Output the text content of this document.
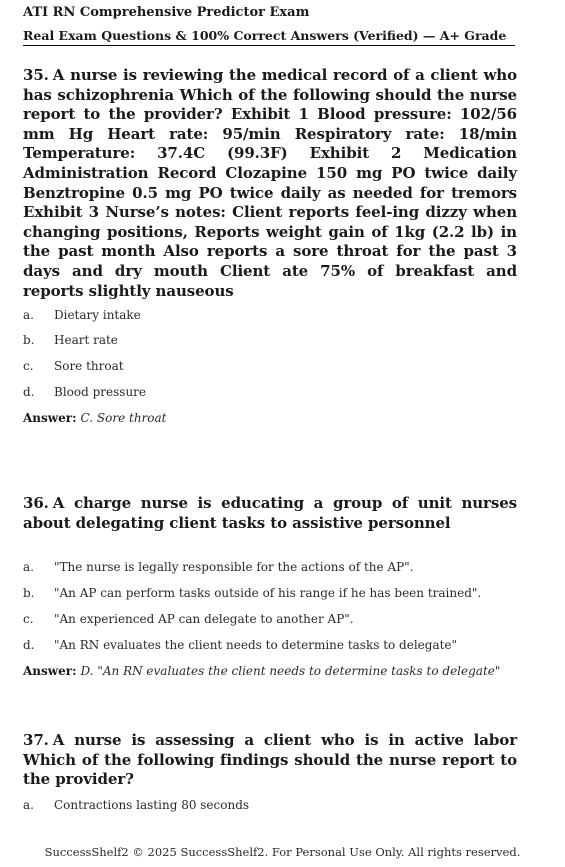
ATI RN Comprehensive Predictor Exam
Real Exam Questions & 100% Correct Answers (Verified) — A+ Grade
35. A nurse is reviewing the medical record of a client who has schizophrenia Which of the following should the nurse report to the provider? Exhibit 1 Blood pressure: 102/56 mm Hg Heart rate: 95/min Respiratory rate: 18/min Temperature: 37.4C (99.3F) Exhibit 2 Medication Administration Record Clozapine 150 mg PO twice daily Benztropine 0.5 mg PO twice daily as needed for tremors Exhibit 3 Nurse’s notes: Client reports feel-ing dizzy when changing positions, Reports weight gain of 1kg (2.2 lb) in the past month Also reports a sore throat for the past 3 days and dry mouth Client ate 75% of breakfast and reports slightly nauseous
a. Dietary intake
b. Heart rate
c. Sore throat
d. Blood pressure
Answer: C. Sore throat
36. A charge nurse is educating a group of unit nurses about delegating client tasks to assistive personnel
a. "The nurse is legally responsible for the actions of the AP".
b. "An AP can perform tasks outside of his range if he has been trained".
c. "An experienced AP can delegate to another AP".
d. "An RN evaluates the client needs to determine tasks to delegate"
Answer: D. "An RN evaluates the client needs to determine tasks to delegate"
37. A nurse is assessing a client who is in active labor Which of the following findings should the nurse report to the provider?
a. Contractions lasting 80 seconds
SuccessShelf2 © 2025 SuccessShelf2. For Personal Use Only. All rights reserved.
